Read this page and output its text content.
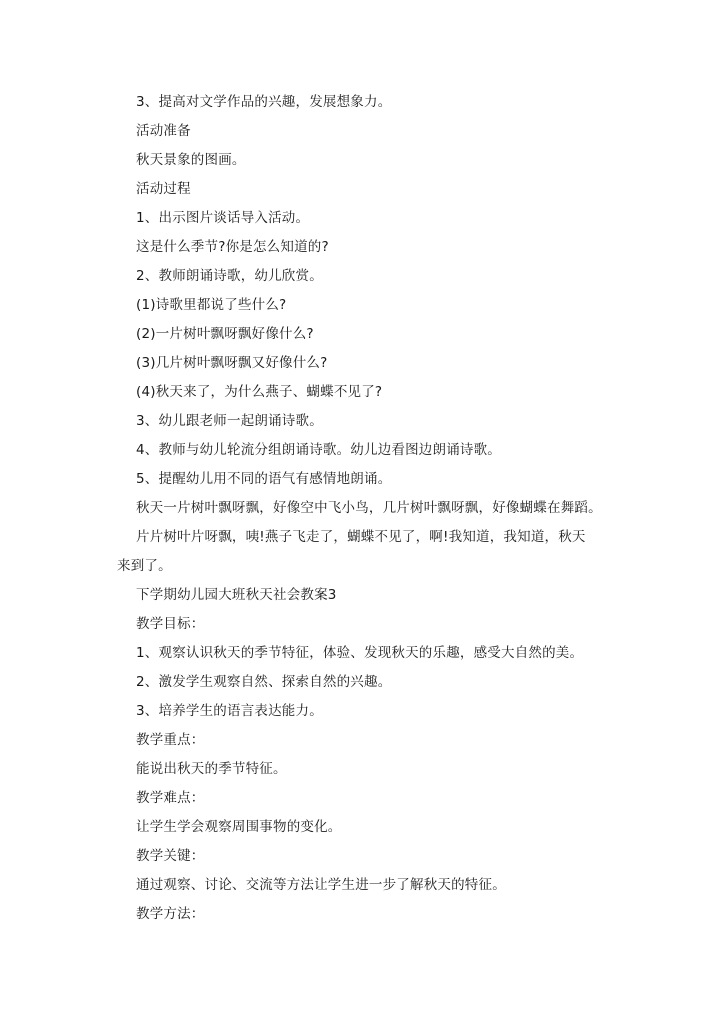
3、提高对文学作品的兴趣，发展想象力。
活动准备
秋天景象的图画。
活动过程
1、出示图片谈话导入活动。
这是什么季节?你是怎么知道的?
2、教师朗诵诗歌，幼儿欣赏。
(1)诗歌里都说了些什么?
(2)一片树叶飘呀飘好像什么?
(3)几片树叶飘呀飘又好像什么?
(4)秋天来了，为什么燕子、蝴蝶不见了?
3、幼儿跟老师一起朗诵诗歌。
4、教师与幼儿轮流分组朗诵诗歌。幼儿边看图边朗诵诗歌。
5、提醒幼儿用不同的语气有感情地朗诵。
秋天一片树叶飘呀飘，好像空中飞小鸟，几片树叶飘呀飘，好像蝴蝶在舞蹈。
片片树叶片呀飘，咦!燕子飞走了，蝴蝶不见了，啊!我知道，我知道，秋天
来到了。
下学期幼儿园大班秋天社会教案3
教学目标：
1、观察认识秋天的季节特征，体验、发现秋天的乐趣，感受大自然的美。
2、激发学生观察自然、探索自然的兴趣。
3、培养学生的语言表达能力。
教学重点：
能说出秋天的季节特征。
教学难点：
让学生学会观察周围事物的变化。
教学关键：
通过观察、讨论、交流等方法让学生进一步了解秋天的特征。
教学方法：
